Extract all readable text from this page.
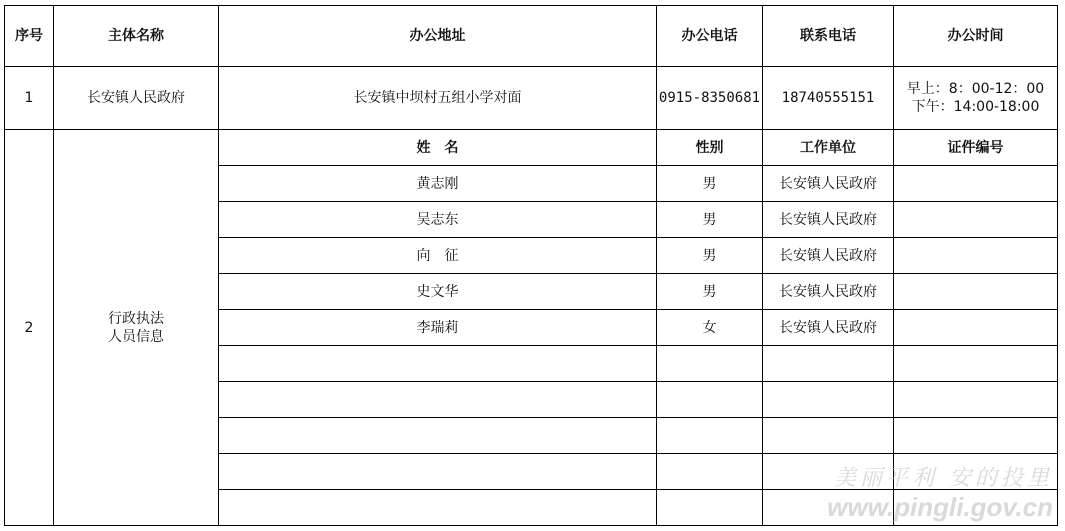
序号	主体名称	办公地址	办公电话	联系电话	办公时间
1	长安镇人民政府	长安镇中坝村五组小学对面	0915-8350681	18740555151	早上：8：00-12：00
下午：14:00-18:00

2	行政执法
人员信息	姓　名	性别	工作单位	证件编号
		黄志刚	男	长安镇人民政府	
		吴志东	男	长安镇人民政府	
		向　征	男	长安镇人民政府	
		史文华	男	长安镇人民政府	
		李瑞莉	女	长安镇人民政府	

美丽平利 安的投里
www.pingli.gov.cn
